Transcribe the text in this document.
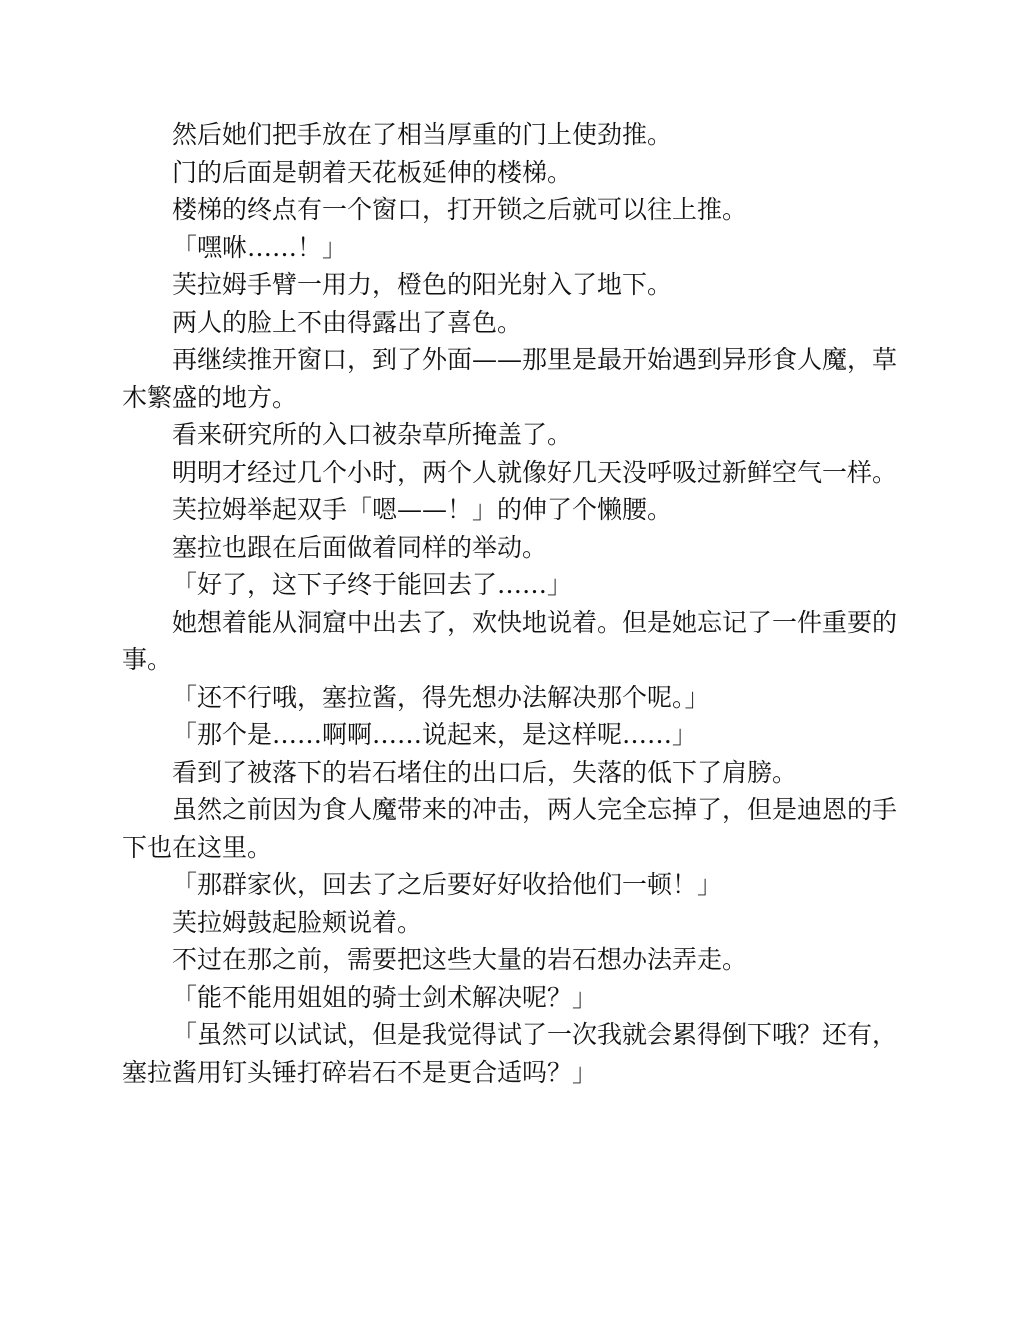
然后她们把手放在了相当厚重的门上使劲推。

门的后面是朝着天花板延伸的楼梯。

楼梯的终点有一个窗口，打开锁之后就可以往上推。

「嘿咻……！」

芙拉姆手臂一用力，橙色的阳光射入了地下。

两人的脸上不由得露出了喜色。

再继续推开窗口，到了外面——那里是最开始遇到异形食人魔，草木繁盛的地方。

看来研究所的入口被杂草所掩盖了。

明明才经过几个小时，两个人就像好几天没呼吸过新鲜空气一样。

芙拉姆举起双手「嗯——！」的伸了个懒腰。

塞拉也跟在后面做着同样的举动。

「好了，这下子终于能回去了……」

她想着能从洞窟中出去了，欢快地说着。但是她忘记了一件重要的事。

「还不行哦，塞拉酱，得先想办法解决那个呢。」

「那个是……啊啊……说起来，是这样呢……」

看到了被落下的岩石堵住的出口后，失落的低下了肩膀。

虽然之前因为食人魔带来的冲击，两人完全忘掉了，但是迪恩的手下也在这里。

「那群家伙，回去了之后要好好收拾他们一顿！」

芙拉姆鼓起脸颊说着。

不过在那之前，需要把这些大量的岩石想办法弄走。

「能不能用姐姐的骑士剑术解决呢？」

「虽然可以试试，但是我觉得试了一次我就会累得倒下哦？还有，塞拉酱用钉头锤打碎岩石不是更合适吗？」
